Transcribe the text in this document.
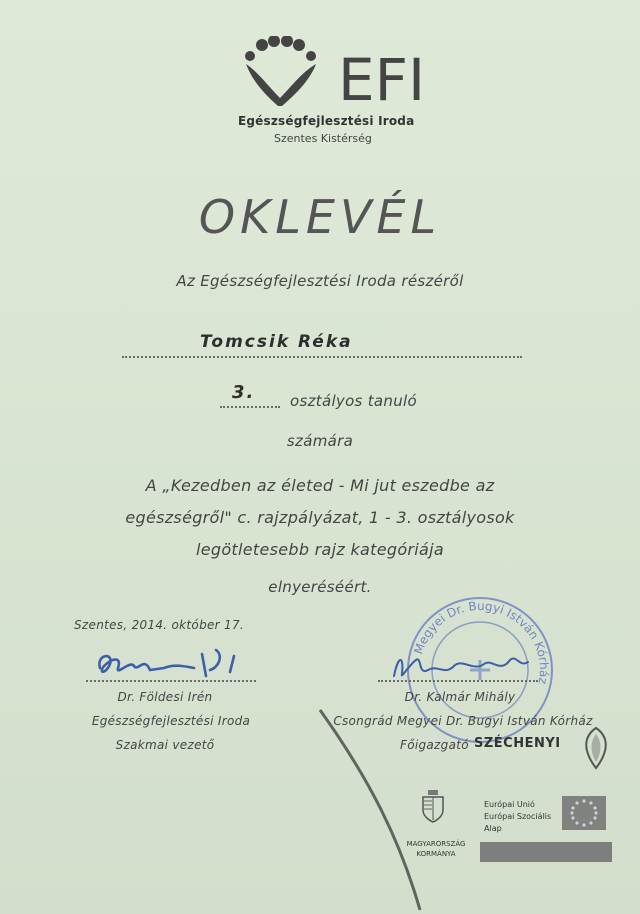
EFI
Egészségfejlesztési Iroda
Szentes Kistérség
OKLEVÉL
Az Egészségfejlesztési Iroda részéről
Tomcsik Réka
3. osztályos tanuló
számára
A „Kezedben az életed - Mi jut eszedbe az
egészségről" c. rajzpályázat, 1 - 3. osztályosok
legötletesebb rajz kategóriája
elnyeréséért.
Szentes, 2014. október 17.
Dr. Földesi Irén
Egészségfejlesztési Iroda
Szakmai vezető
Megyei Dr. Bugyi István Kórház
Dr. Kalmár Mihály
Csongrád Megyei Dr. Bugyi István Kórház
Főigazgató SZÉCHENYI
MAGYARORSZÁG
KORMÁNYA
Európai Unió
Európai Szociális
Alap
